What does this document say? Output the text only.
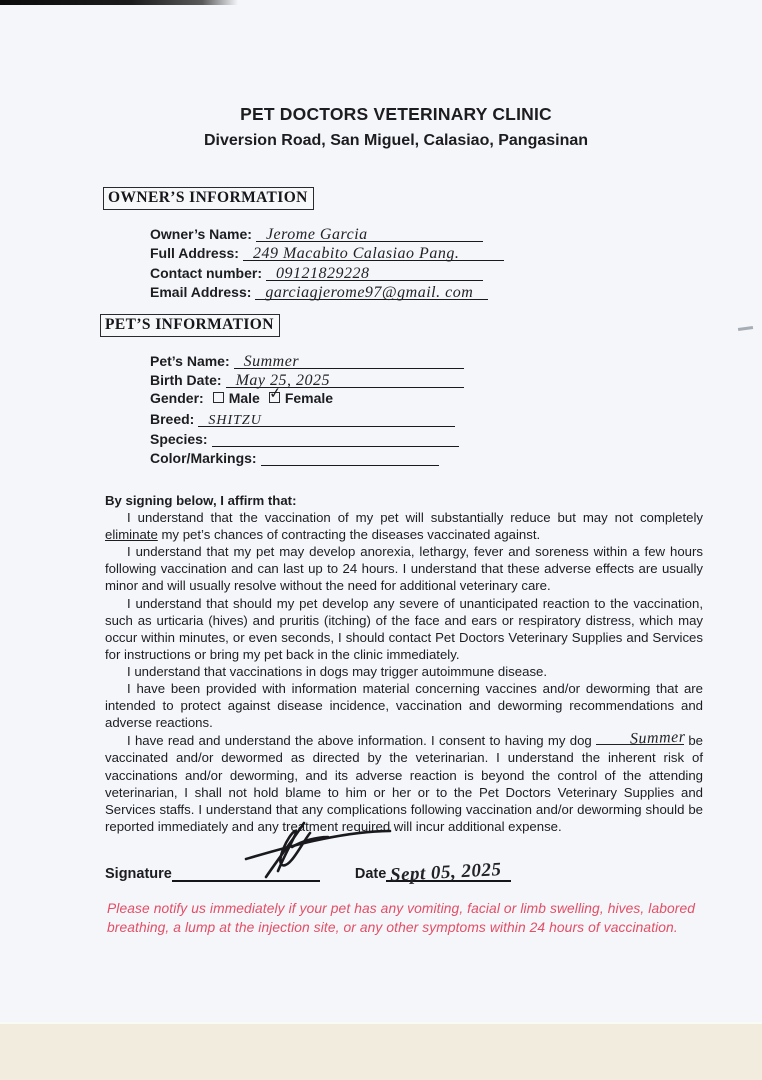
PET DOCTORS VETERINARY CLINIC
Diversion Road, San Miguel, Calasiao, Pangasinan
OWNER’S INFORMATION
Owner’s Name: Jerome Garcia
Full Address: 249 Macabito Calasiao Pang.
Contact number: 09121829228
Email Address: garciagjerome97@gmail. com
PET’S INFORMATION
Pet’s Name: Summer
Birth Date: May 25, 2025
Gender: Male ✓ Female
Breed: SHITZU
Species:
Color/Markings:

By signing below, I affirm that:

I understand that the vaccination of my pet will substantially reduce but may not completely eliminate my pet’s chances of contracting the diseases vaccinated against.

I understand that my pet may develop anorexia, lethargy, fever and soreness within a few hours following vaccination and can last up to 24 hours. I understand that these adverse effects are usually minor and will usually resolve without the need for additional veterinary care.

I understand that should my pet develop any severe of unanticipated reaction to the vaccination, such as urticaria (hives) and pruritis (itching) of the face and ears or respiratory distress, which may occur within minutes, or even seconds, I should contact Pet Doctors Veterinary Supplies and Services for instructions or bring my pet back in the clinic immediately.

I understand that vaccinations in dogs may trigger autoimmune disease.

I have been provided with information material concerning vaccines and/or deworming that are intended to protect against disease incidence, vaccination and deworming recommendations and adverse reactions.

I have read and understand the above information. I consent to having my dog	Summer be vaccinated and/or dewormed as directed by the veterinarian. I understand the inherent risk of vaccinations and/or deworming, and its adverse reaction is beyond the control of the attending veterinarian, I shall not hold blame to him or her or to the Pet Doctors Veterinary Supplies and Services staffs. I understand that any complications following vaccination and/or deworming should be reported immediately and any treatment required will incur additional expense.

Signature	Date Sept 05, 2025
Please notify us immediately if your pet has any vomiting, facial or limb swelling, hives, labored breathing, a lump at the injection site, or any other symptoms within 24 hours of vaccination.
